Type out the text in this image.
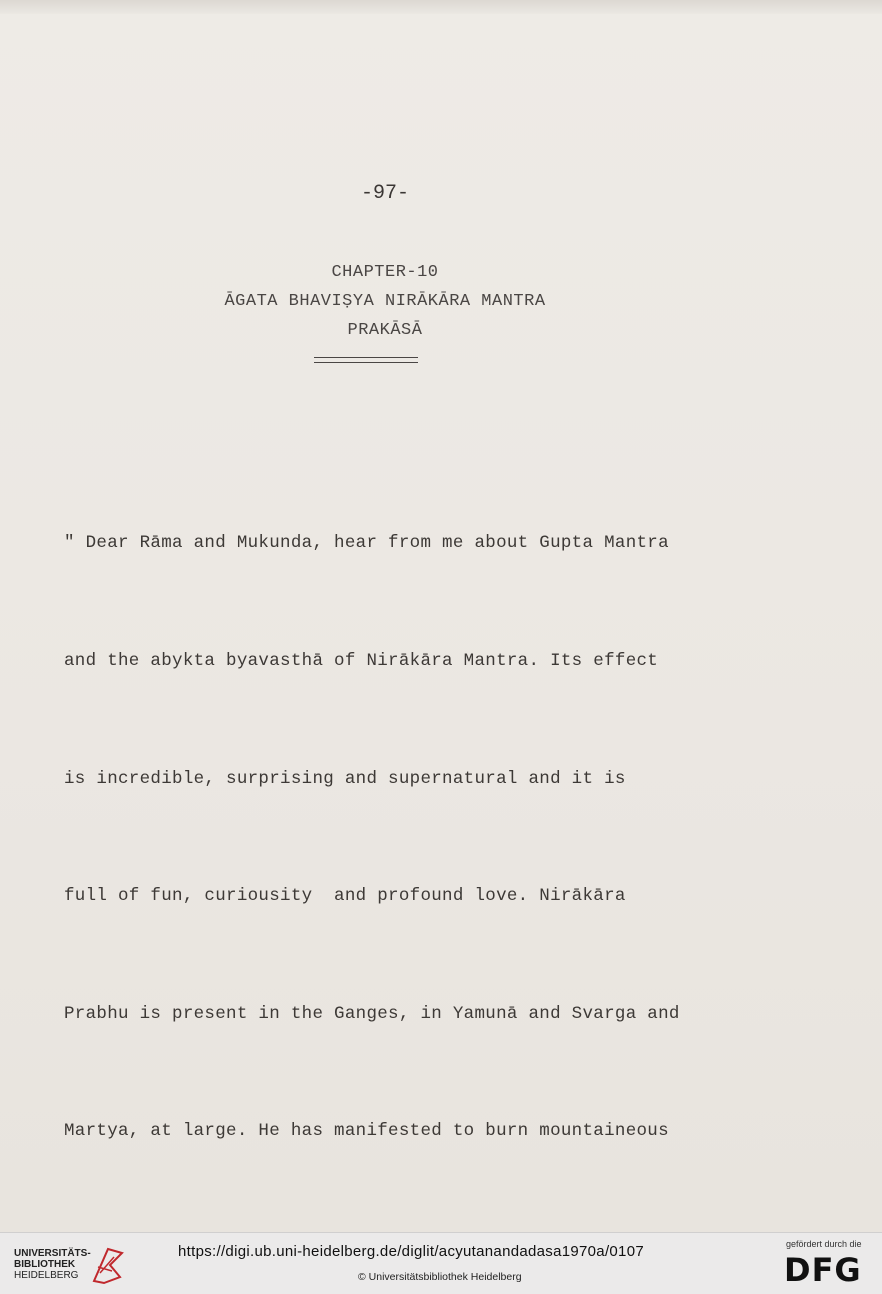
-97-
CHAPTER-10
ĀGATA BHAVIṢYA NIRĀKĀRA MANTRA
PRAKĀSĀ

" Dear Rāma and Mukunda, hear from me about Gupta Mantra

and the abykta byavasthā of Nirākāra Mantra. Its effect

is incredible, surprising and supernatural and it is

full of fun, curiousity  and profound love. Nirākāra

Prabhu is present in the Ganges, in Yamunā and Svarga and

Martya, at large. He has manifested to burn mountaineous

UNIVERSITÄTS-
BIBLIOTHEK
HEIDELBERG
https://digi.ub.uni-heidelberg.de/diglit/acyutanandadasa1970a/0107
© Universitätsbibliothek Heidelberg
gefördert durch die
DFG
